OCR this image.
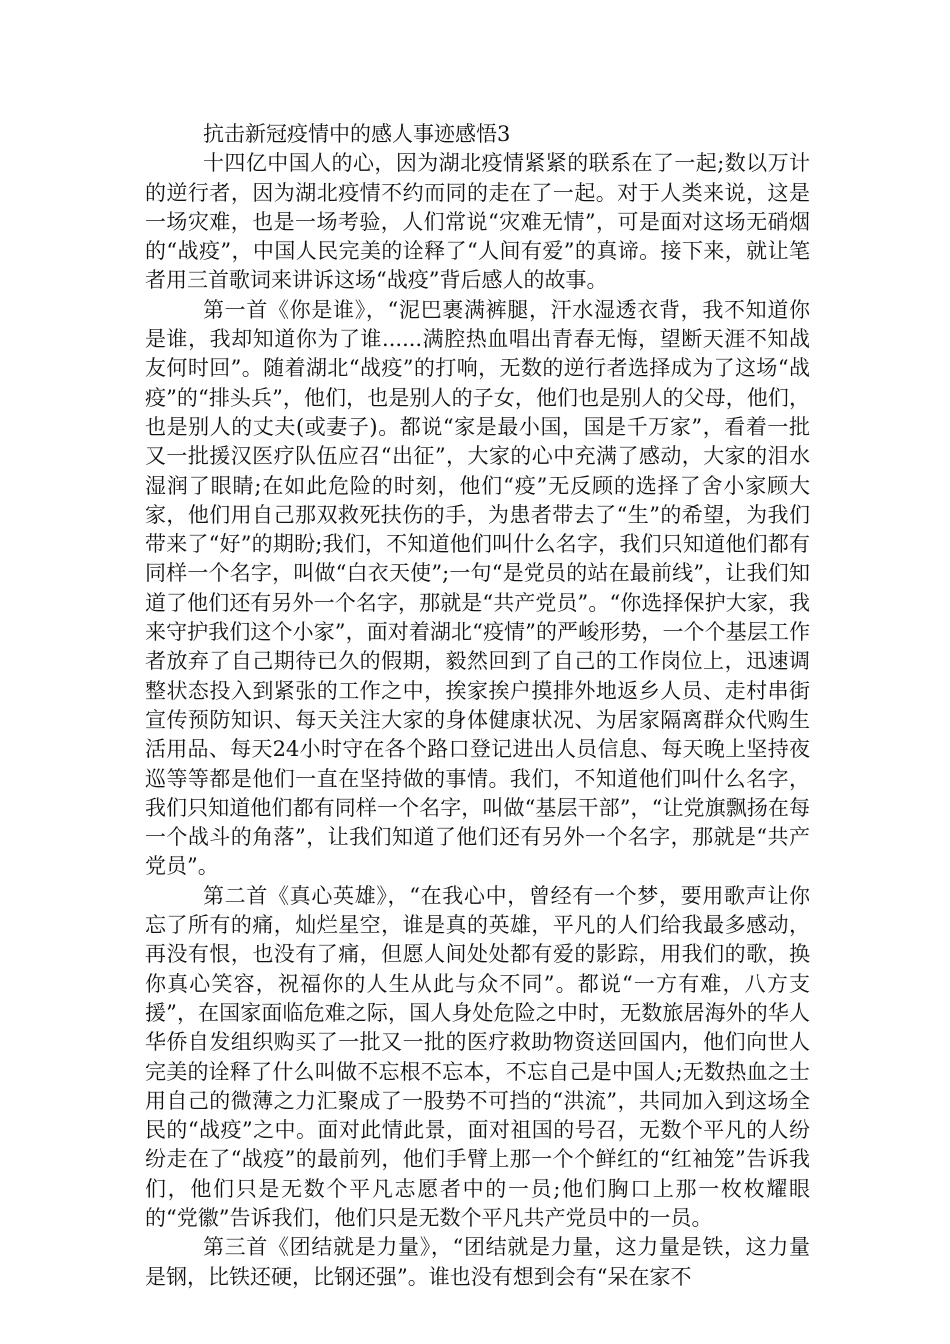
抗击新冠疫情中的感人事迹感悟3

十四亿中国人的心，因为湖北疫情紧紧的联系在了一起;数以万计的逆行者，因为湖北疫情不约而同的走在了一起。对于人类来说，这是一场灾难，也是一场考验，人们常说“灾难无情”，可是面对这场无硝烟的“战疫”，中国人民完美的诠释了“人间有爱”的真谛。接下来，就让笔者用三首歌词来讲诉这场“战疫”背后感人的故事。

第一首《你是谁》，“泥巴裹满裤腿，汗水湿透衣背，我不知道你是谁，我却知道你为了谁......满腔热血唱出青春无悔，望断天涯不知战友何时回”。随着湖北“战疫”的打响，无数的逆行者选择成为了这场“战疫”的“排头兵”，他们，也是别人的子女，他们也是别人的父母，他们，也是别人的丈夫(或妻子)。都说“家是最小国，国是千万家”，看着一批又一批援汉医疗队伍应召“出征”，大家的心中充满了感动，大家的泪水湿润了眼睛;在如此危险的时刻，他们“疫”无反顾的选择了舍小家顾大家，他们用自己那双救死扶伤的手，为患者带去了“生”的希望，为我们带来了“好”的期盼;我们，不知道他们叫什么名字，我们只知道他们都有同样一个名字，叫做“白衣天使”;一句“是党员的站在最前线”，让我们知道了他们还有另外一个名字，那就是“共产党员”。“你选择保护大家，我来守护我们这个小家”，面对着湖北“疫情”的严峻形势，一个个基层工作者放弃了自己期待已久的假期，毅然回到了自己的工作岗位上，迅速调整状态投入到紧张的工作之中，挨家挨户摸排外地返乡人员、走村串街宣传预防知识、每天关注大家的身体健康状况、为居家隔离群众代购生活用品、每天24小时守在各个路口登记进出人员信息、每天晚上坚持夜巡等等都是他们一直在坚持做的事情。我们，不知道他们叫什么名字，我们只知道他们都有同样一个名字，叫做“基层干部”，“让党旗飘扬在每一个战斗的角落”，让我们知道了他们还有另外一个名字，那就是“共产党员”。

第二首《真心英雄》，“在我心中，曾经有一个梦，要用歌声让你忘了所有的痛，灿烂星空，谁是真的英雄，平凡的人们给我最多感动，再没有恨，也没有了痛，但愿人间处处都有爱的影踪，用我们的歌，换你真心笑容，祝福你的人生从此与众不同”。都说“一方有难，八方支援”，在国家面临危难之际，国人身处危险之中时，无数旅居海外的华人华侨自发组织购买了一批又一批的医疗救助物资送回国内，他们向世人完美的诠释了什么叫做不忘根不忘本，不忘自己是中国人;无数热血之士用自己的微薄之力汇聚成了一股势不可挡的“洪流”，共同加入到这场全民的“战疫”之中。面对此情此景，面对祖国的号召，无数个平凡的人纷纷走在了“战疫”的最前列，他们手臂上那一个个鲜红的“红袖笼”告诉我们，他们只是无数个平凡志愿者中的一员;他们胸口上那一枚枚耀眼的“党徽”告诉我们，他们只是无数个平凡共产党员中的一员。

第三首《团结就是力量》，“团结就是力量，这力量是铁，这力量是钢，比铁还硬，比钢还强”。谁也没有想到会有“呆在家不
